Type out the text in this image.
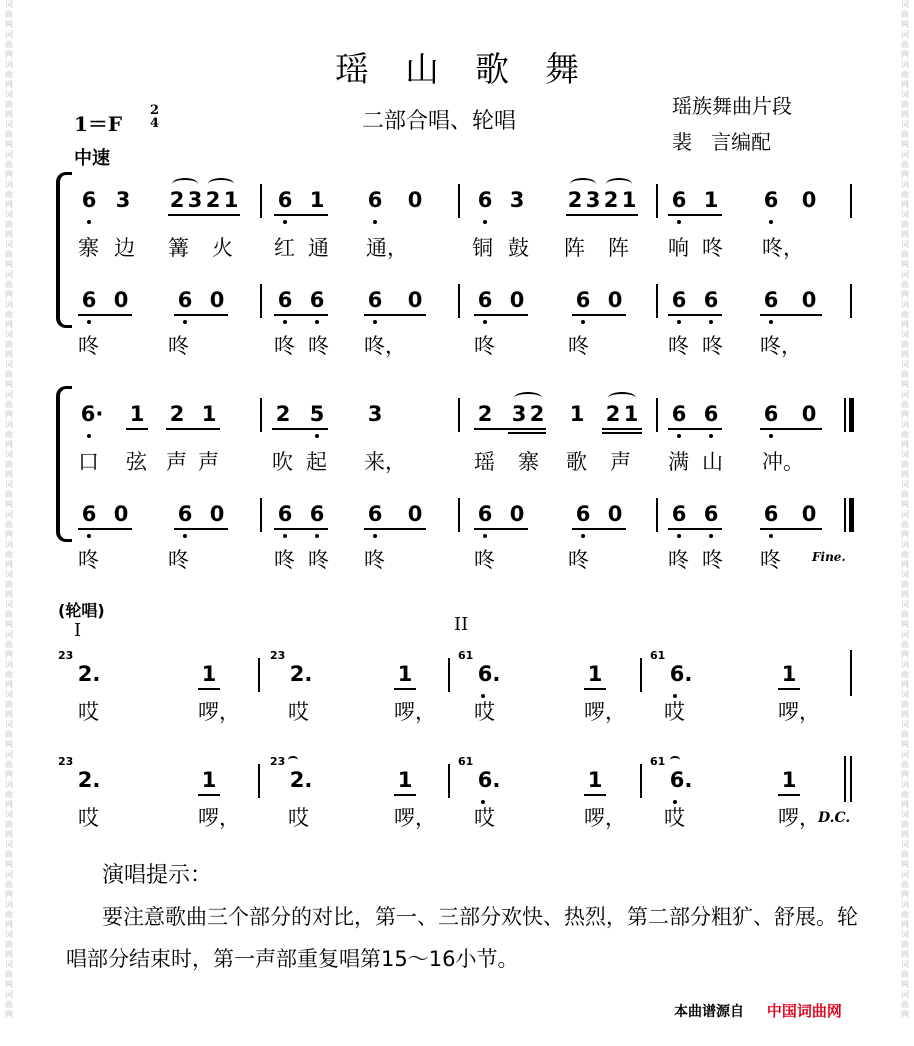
词曲网词曲网词曲网词曲网词曲网词曲网词曲网词曲网词曲网词曲网词曲网词曲网词曲网词曲网词曲网词曲网词曲网词曲网词曲网词曲网词曲网词曲网词曲网词曲网词曲网词曲网词曲网词曲网词曲网词曲网词曲网词曲网词曲网词曲网
词曲网词曲网词曲网词曲网词曲网词曲网词曲网词曲网词曲网词曲网词曲网词曲网词曲网词曲网词曲网词曲网词曲网词曲网词曲网词曲网词曲网词曲网词曲网词曲网词曲网词曲网词曲网词曲网词曲网词曲网词曲网词曲网词曲网词曲网
瑶山歌舞
1＝F
2
4
中速
二部合唱、轮唱
瑶族舞曲片段
裴   言编配
6 3 2 3 2 1 6 1 6 0	6 3 2 3 2 1 6 1 6 0
寨 边 篝 火 红 通 通，	铜 鼓 阵 阵 响 咚 咚，
6 0 6 0	6 6 6 0	6 0 6 0 6 6 6 0
咚	咚	咚 咚 咚，	咚	咚	咚 咚 咚，
6· 1 2 1	2 5 3	2 3 2 1 2 1 6 6 6 0
口 弦 声 声	吹 起 来，	瑶 寨 歌 声 满 山 冲。
6 0 6 0	6 6 6 0	6 0 6 0 6 6 6 0
咚	咚	咚 咚 咚	咚	咚	咚 咚 咚	Fine.
(轮唱)
I	II
23
2.	1
23
2.	1
61
6.	1
61
6.	1
哎	啰， 哎	啰， 哎	啰， 哎	啰，
23
2.	1
23
2.	1
61
6.	1
61
6.	1
哎	啰， 哎	啰， 哎	啰， 哎	啰，
D.C.
演唱提示：
要注意歌曲三个部分的对比，第一、三部分欢快、热烈，第二部分粗犷、舒展。轮唱部分结束时，第一声部重复唱第15～16小节。
本曲谱源自 中国词曲网
